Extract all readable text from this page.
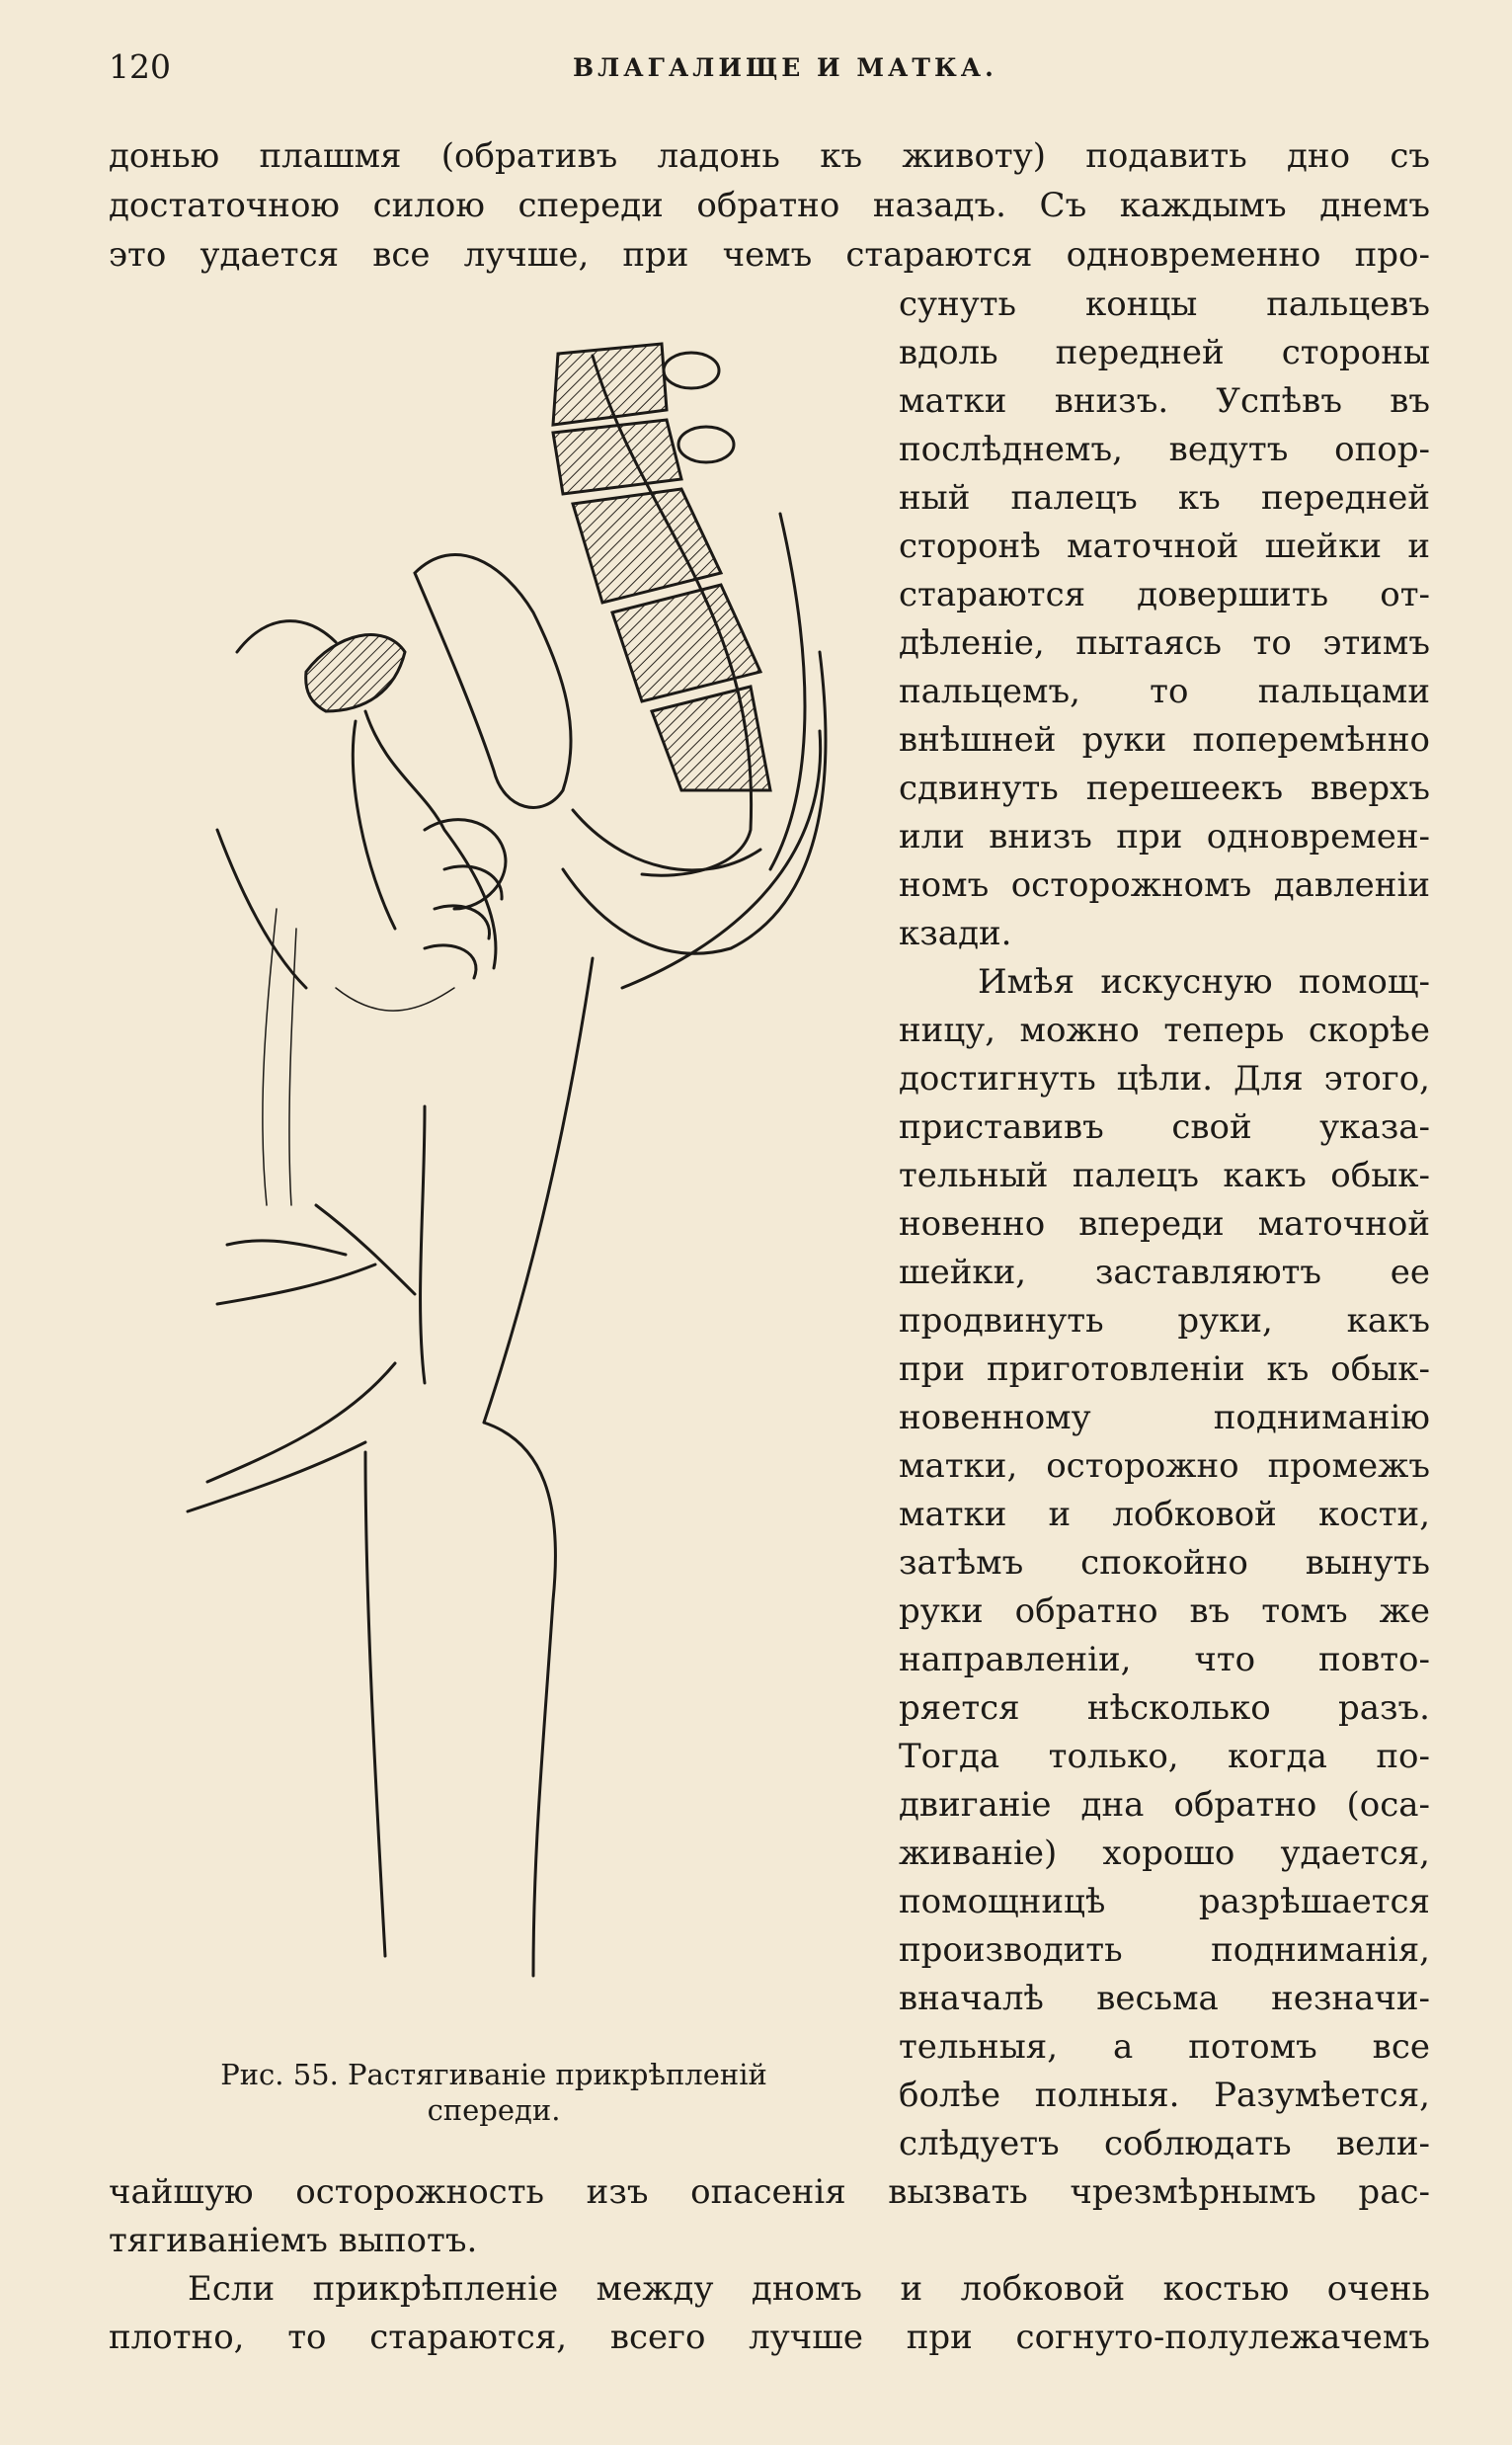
120	ВЛАГАЛИЩЕ И МАТКА.
донью плашмя (обративъ ладонь къ животу) подавить дно съ
достаточною силою спереди обратно назадъ. Съ каждымъ днемъ
это удается все лучше, при чемъ стараются одновременно про-
сунуть концы пальцевъ
вдоль передней стороны
матки внизъ. Успѣвъ въ
послѣднемъ, ведутъ опор-
ный палецъ къ передней
сторонѣ маточной шейки и
стараются довершить от-
дѣленіе, пытаясь то этимъ
пальцемъ, то пальцами
внѣшней руки поперемѣнно
сдвинуть перешеекъ вверхъ
или внизъ при одновремен-
номъ осторожномъ давленіи
кзади.
Имѣя искусную помощ-
ницу, можно теперь скорѣе
достигнуть цѣли. Для этого,
приставивъ свой указа-
тельный палецъ какъ обык-
новенно впереди маточной
шейки, заставляютъ ее
продвинуть руки, какъ
при приготовленіи къ обык-
новенному подниманію
матки, осторожно промежъ
матки и лобковой кости,
затѣмъ спокойно вынуть
руки обратно въ томъ же
направленіи, что повто-
ряется нѣсколько разъ.
Тогда только, когда по-
двиганіе дна обратно (оса-
живаніе) хорошо удается,
помощницѣ разрѣшается
производить подниманія,
вначалѣ весьма незначи-
тельныя, а потомъ все
болѣе полныя. Разумѣется,
слѣдуетъ соблюдать вели-
чайшую осторожность изъ опасенія вызвать чрезмѣрнымъ рас-
тягиваніемъ выпотъ.
Если прикрѣпленіе между дномъ и лобковой костью очень
плотно, то стараются, всего лучше при согнуто-полулежачемъ
Рис. 55. Растягиваніе прикрѣпленій
спереди.
